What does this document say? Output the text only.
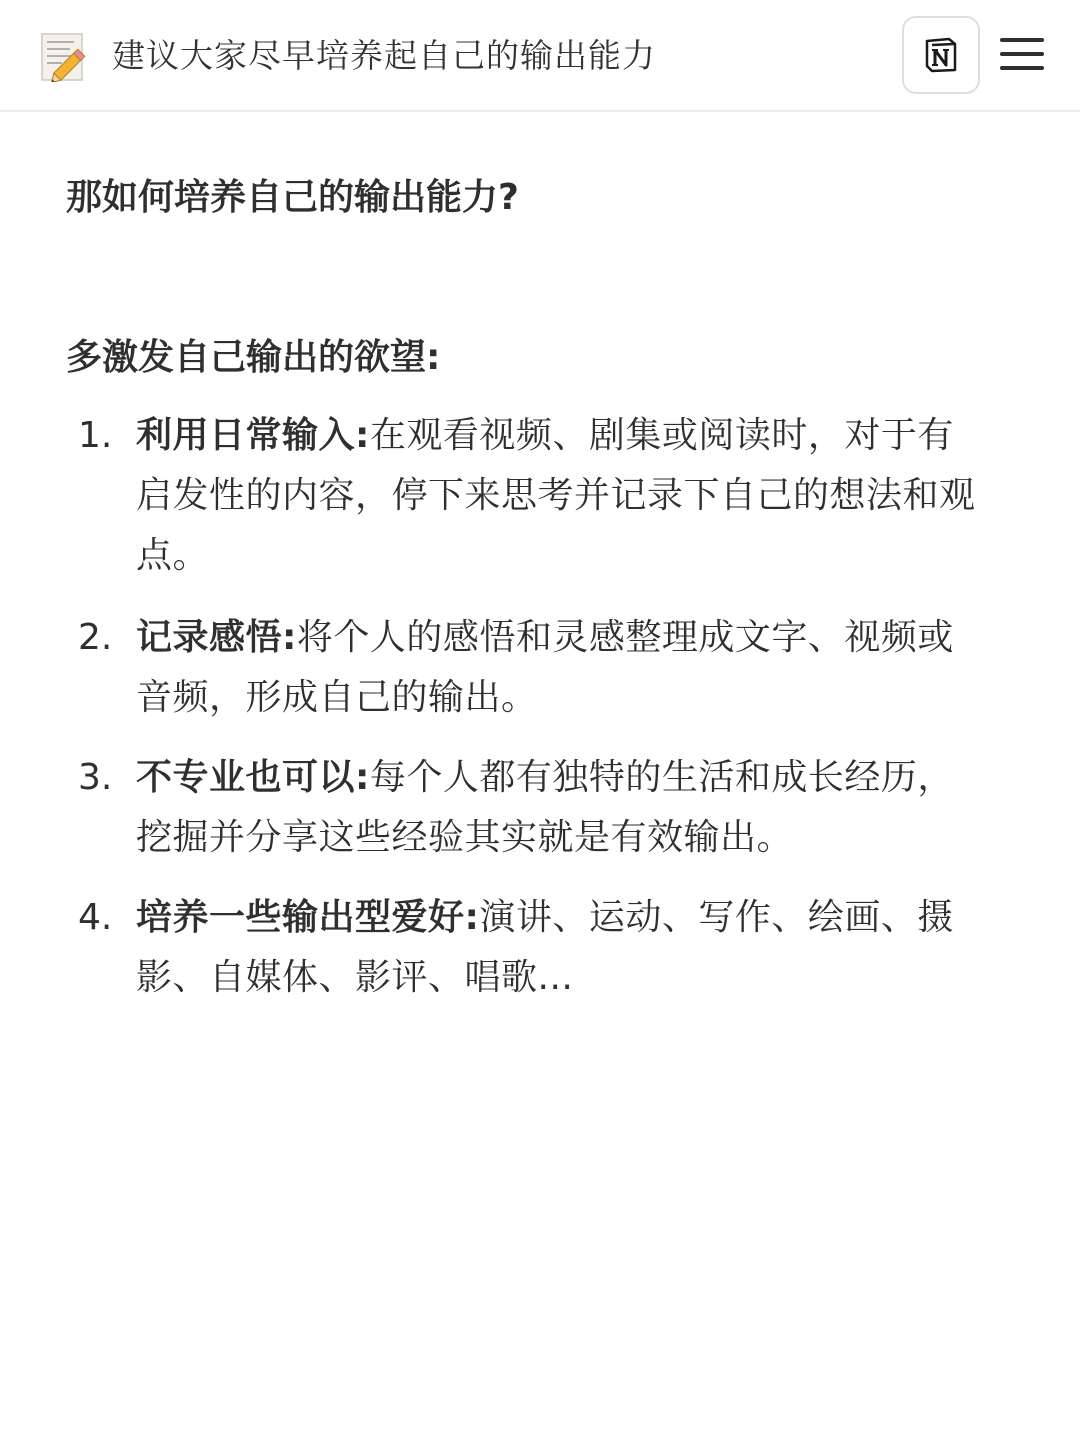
建议大家尽早培养起自己的输出能力
那如何培养自己的输出能力?
多激发自己输出的欲望:
1. 利用日常输入:在观看视频、剧集或阅读时，对于有启发性的内容，停下来思考并记录下自己的想法和观点。
2. 记录感悟:将个人的感悟和灵感整理成文字、视频或音频，形成自己的输出。
3. 不专业也可以:每个人都有独特的生活和成长经历，挖掘并分享这些经验其实就是有效输出。
4. 培养一些输出型爱好:演讲、运动、写作、绘画、摄影、自媒体、影评、唱歌...
